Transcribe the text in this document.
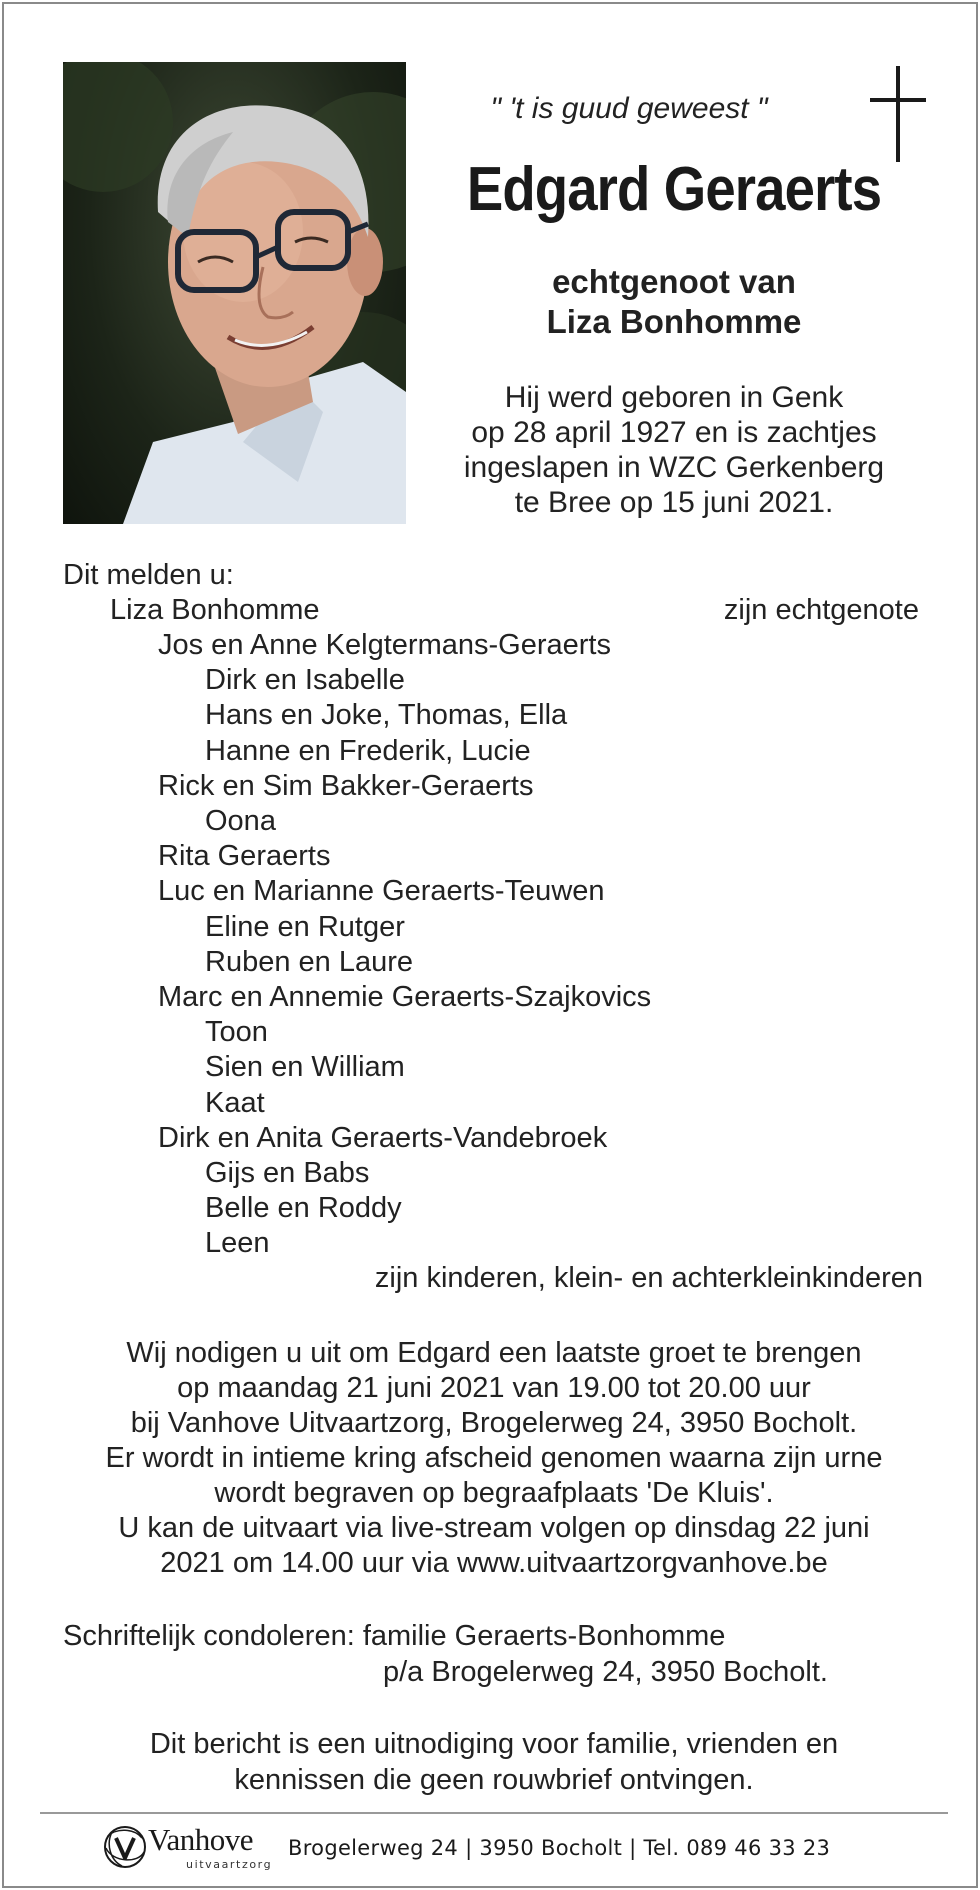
" 't is guud geweest "
Edgard Geraerts
echtgenoot van
Liza Bonhomme
Hij werd geboren in Genk
op 28 april 1927 en is zachtjes
ingeslapen in WZC Gerkenberg
te Bree op 15 juni 2021.
Dit melden u:
Liza Bonhomme	zijn echtgenote
Jos en Anne Kelgtermans-Geraerts
Dirk en Isabelle
Hans en Joke, Thomas, Ella
Hanne en Frederik, Lucie
Rick en Sim Bakker-Geraerts
Oona
Rita Geraerts
Luc en Marianne Geraerts-Teuwen
Eline en Rutger
Ruben en Laure
Marc en Annemie Geraerts-Szajkovics
Toon
Sien en William
Kaat
Dirk en Anita Geraerts-Vandebroek
Gijs en Babs
Belle en Roddy
Leen
zijn kinderen, klein- en achterkleinkinderen
Wij nodigen u uit om Edgard een laatste groet te brengen
op maandag 21 juni 2021 van 19.00 tot 20.00 uur
bij Vanhove Uitvaartzorg, Brogelerweg 24, 3950 Bocholt.
Er wordt in intieme kring afscheid genomen waarna zijn urne
wordt begraven op begraafplaats 'De Kluis'.
U kan de uitvaart via live-stream volgen op dinsdag 22 juni
2021 om 14.00 uur via www.uitvaartzorgvanhove.be
Schriftelijk condoleren: familie Geraerts-Bonhomme
p/a Brogelerweg 24, 3950 Bocholt.
Dit bericht is een uitnodiging voor familie, vrienden en
kennissen die geen rouwbrief ontvingen.
Vanhove
uitvaartzorg
Brogelerweg 24 | 3950 Bocholt | Tel. 089 46 33 23
